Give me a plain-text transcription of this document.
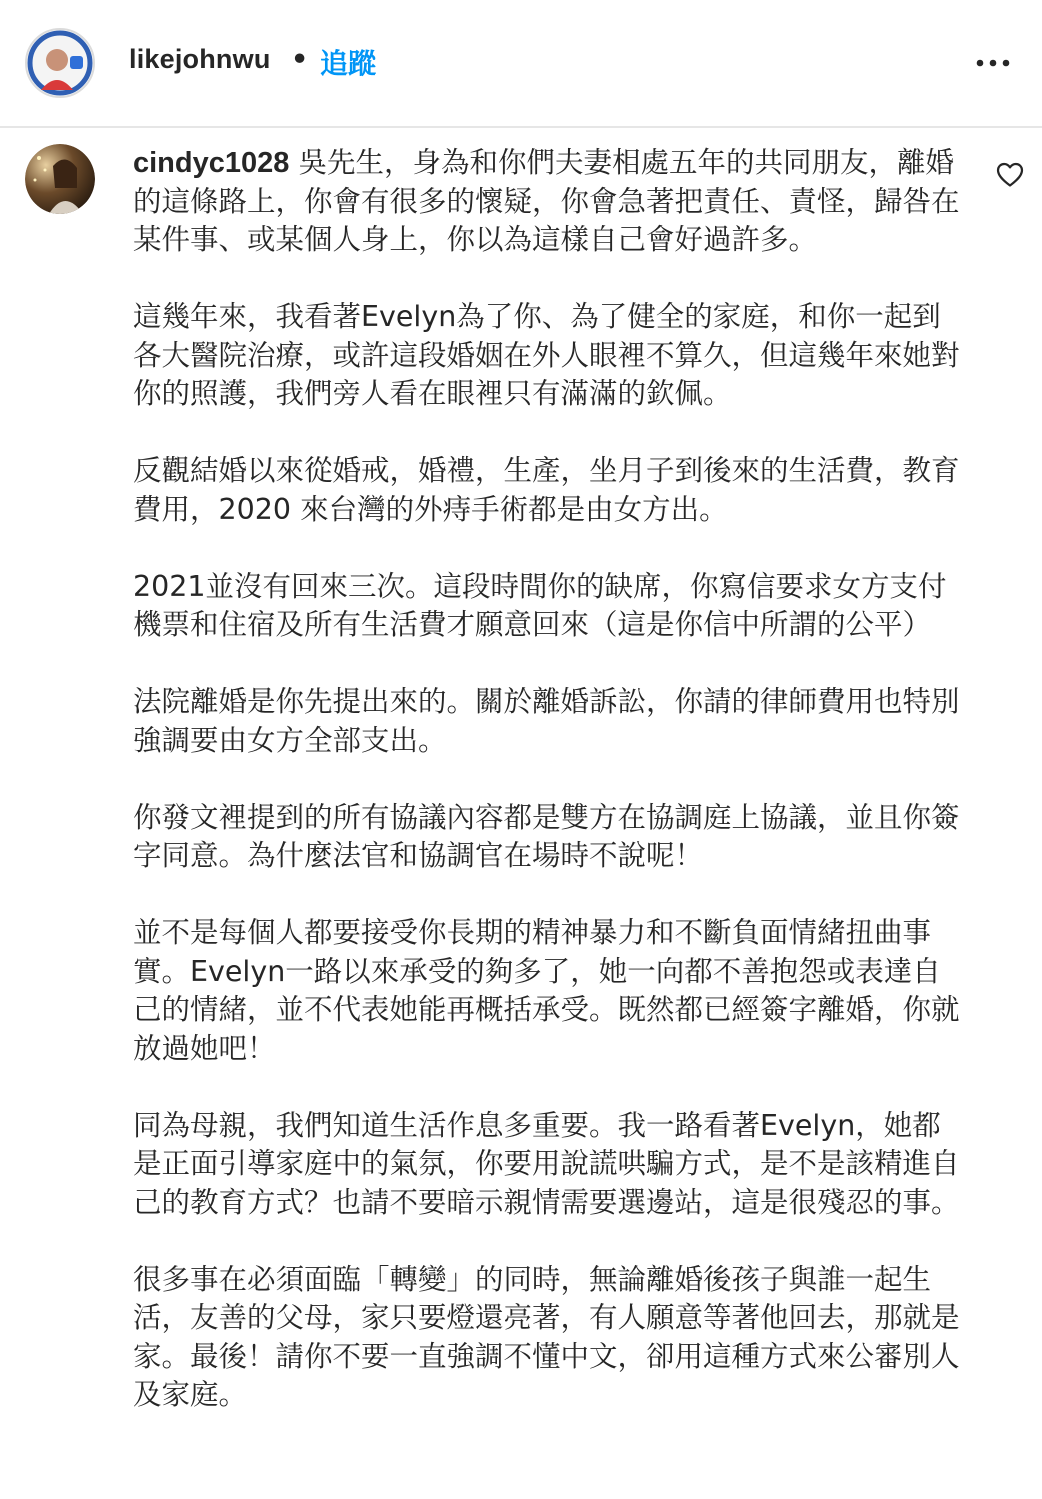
likejohnwu • 追蹤

cindyc1028 吳先生，身為和你們夫妻相處五年的共同朋友，離婚的這條路上，你會有很多的懷疑，你會急著把責任、責怪，歸咎在某件事、或某個人身上，你以為這樣自己會好過許多。

這幾年來，我看著Evelyn為了你、為了健全的家庭，和你一起到各大醫院治療，或許這段婚姻在外人眼裡不算久，但這幾年來她對你的照護，我們旁人看在眼裡只有滿滿的欽佩。

反觀結婚以來從婚戒，婚禮，生產，坐月子到後來的生活費，教育費用，2020 來台灣的外痔手術都是由女方出。

2021並沒有回來三次。這段時間你的缺席，你寫信要求女方支付機票和住宿及所有生活費才願意回來（這是你信中所謂的公平）

法院離婚是你先提出來的。關於離婚訴訟，你請的律師費用也特別強調要由女方全部支出。

你發文裡提到的所有協議內容都是雙方在協調庭上協議，並且你簽字同意。為什麼法官和協調官在場時不說呢！

並不是每個人都要接受你長期的精神暴力和不斷負面情緒扭曲事實。Evelyn一路以來承受的夠多了，她一向都不善抱怨或表達自己的情緒，並不代表她能再概括承受。既然都已經簽字離婚，你就放過她吧！

同為母親，我們知道生活作息多重要。我一路看著Evelyn，她都是正面引導家庭中的氣氛，你要用說謊哄騙方式，是不是該精進自己的教育方式？也請不要暗示親情需要選邊站，這是很殘忍的事。

很多事在必須面臨「轉變」的同時，無論離婚後孩子與誰一起生活，友善的父母，家只要燈還亮著，有人願意等著他回去，那就是家。最後！請你不要一直強調不懂中文，卻用這種方式來公審別人及家庭。
